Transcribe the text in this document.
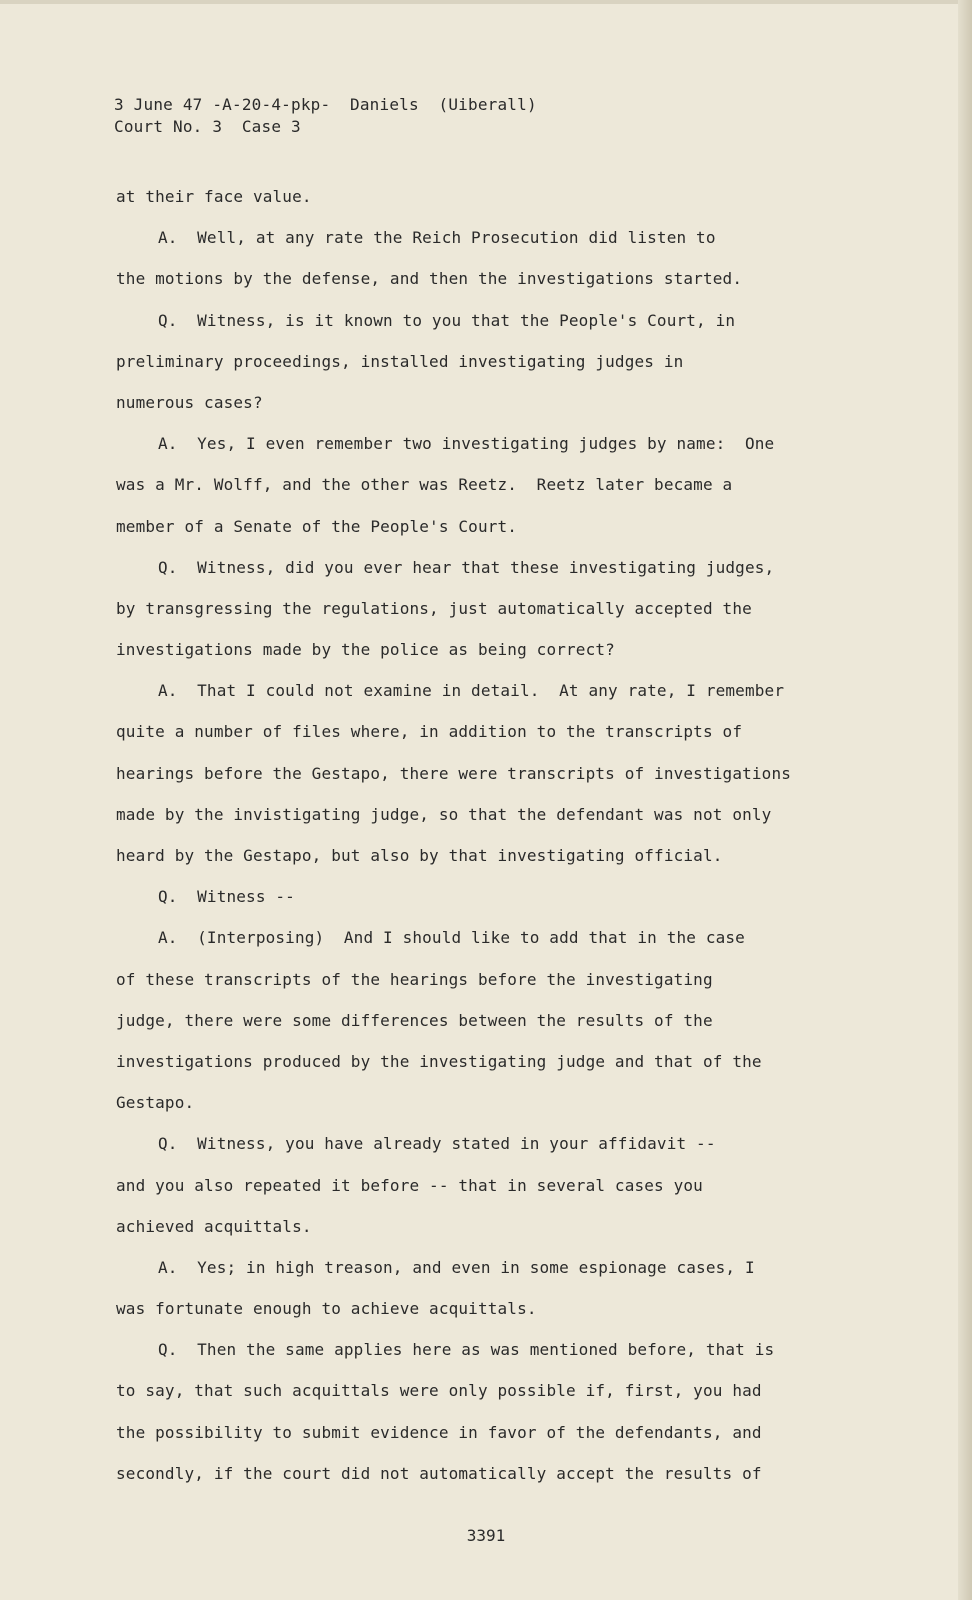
3 June 47 -A-20-4-pkp-  Daniels  (Uiberall)
Court No. 3  Case 3
at their face value.
A.  Well, at any rate the Reich Prosecution did listen to
the motions by the defense, and then the investigations started.
Q.  Witness, is it known to you that the People's Court, in
preliminary proceedings, installed investigating judges in
numerous cases?
A.  Yes, I even remember two investigating judges by name:  One
was a Mr. Wolff, and the other was Reetz.  Reetz later became a
member of a Senate of the People's Court.
Q.  Witness, did you ever hear that these investigating judges,
by transgressing the regulations, just automatically accepted the
investigations made by the police as being correct?
A.  That I could not examine in detail.  At any rate, I remember
quite a number of files where, in addition to the transcripts of
hearings before the Gestapo, there were transcripts of investigations
made by the invistigating judge, so that the defendant was not only
heard by the Gestapo, but also by that investigating official.
Q.  Witness --
A.  (Interposing)  And I should like to add that in the case
of these transcripts of the hearings before the investigating
judge, there were some differences between the results of the
investigations produced by the investigating judge and that of the
Gestapo.
Q.  Witness, you have already stated in your affidavit --
and you also repeated it before -- that in several cases you
achieved acquittals.
A.  Yes; in high treason, and even in some espionage cases, I
was fortunate enough to achieve acquittals.
Q.  Then the same applies here as was mentioned before, that is
to say, that such acquittals were only possible if, first, you had
the possibility to submit evidence in favor of the defendants, and
secondly, if the court did not automatically accept the results of
3391
